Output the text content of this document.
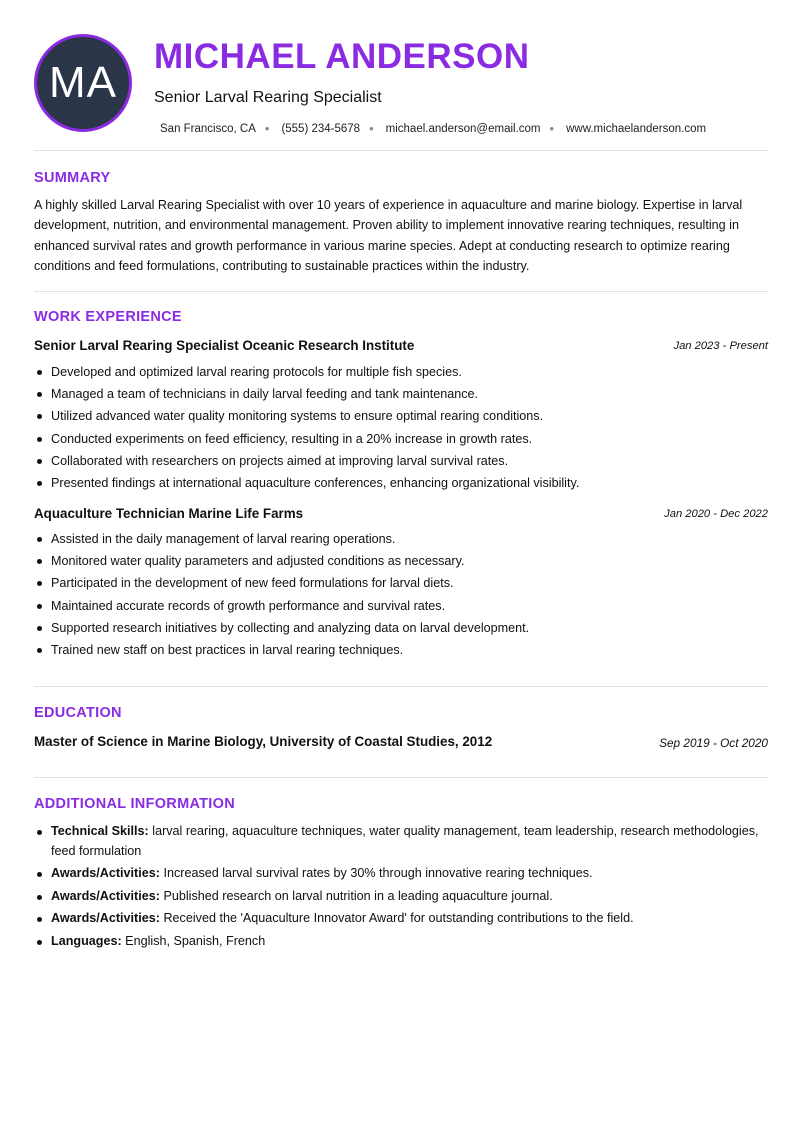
MA
MICHAEL ANDERSON
Senior Larval Rearing Specialist
San Francisco, CA • (555) 234-5678 • michael.anderson@email.com • www.michaelanderson.com
SUMMARY
A highly skilled Larval Rearing Specialist with over 10 years of experience in aquaculture and marine biology. Expertise in larval development, nutrition, and environmental management. Proven ability to implement innovative rearing techniques, resulting in enhanced survival rates and growth performance in various marine species. Adept at conducting research to optimize rearing conditions and feed formulations, contributing to sustainable practices within the industry.
WORK EXPERIENCE
Senior Larval Rearing Specialist Oceanic Research Institute	Jan 2023 - Present
Developed and optimized larval rearing protocols for multiple fish species.
Managed a team of technicians in daily larval feeding and tank maintenance.
Utilized advanced water quality monitoring systems to ensure optimal rearing conditions.
Conducted experiments on feed efficiency, resulting in a 20% increase in growth rates.
Collaborated with researchers on projects aimed at improving larval survival rates.
Presented findings at international aquaculture conferences, enhancing organizational visibility.
Aquaculture Technician Marine Life Farms	Jan 2020 - Dec 2022
Assisted in the daily management of larval rearing operations.
Monitored water quality parameters and adjusted conditions as necessary.
Participated in the development of new feed formulations for larval diets.
Maintained accurate records of growth performance and survival rates.
Supported research initiatives by collecting and analyzing data on larval development.
Trained new staff on best practices in larval rearing techniques.
EDUCATION
Master of Science in Marine Biology, University of Coastal Studies, 2012	Sep 2019 - Oct 2020
ADDITIONAL INFORMATION
Technical Skills: larval rearing, aquaculture techniques, water quality management, team leadership, research methodologies, feed formulation
Awards/Activities: Increased larval survival rates by 30% through innovative rearing techniques.
Awards/Activities: Published research on larval nutrition in a leading aquaculture journal.
Awards/Activities: Received the 'Aquaculture Innovator Award' for outstanding contributions to the field.
Languages: English, Spanish, French
